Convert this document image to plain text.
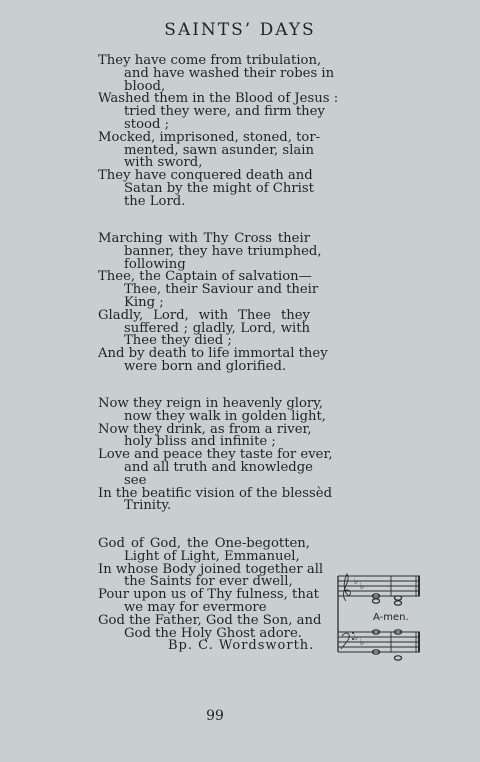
SAINTS’ DAYS
They have come from tribulation,
and have washed their robes in
blood,
Washed them in the Blood of Jesus :
tried they were, and firm they
stood ;
Mocked, imprisoned, stoned, tor-
mented, sawn asunder, slain
with sword,
They have conquered death and
Satan by the might of Christ
the Lord.
Marching with Thy Cross their
banner, they have triumphed,
following
Thee, the Captain of salvation—
Thee, their Saviour and their
King ;
Gladly, Lord, with Thee they
suffered ; gladly, Lord, with
Thee they died ;
And by death to life immortal they
were born and glorified.
Now they reign in heavenly glory,
now they walk in golden light,
Now they drink, as from a river,
holy bliss and infinite ;
Love and peace they taste for ever,
and all truth and knowledge
see
In the beatific vision of the blessèd
Trinity.
God of God, the One-begotten,
Light of Light, Emmanuel,
In whose Body joined together all
the Saints for ever dwell,
Pour upon us of Thy fulness, that
we may for evermore
God the Father, God the Son, and
God the Holy Ghost adore.
Bp. C. Wordsworth.
♭ ♭
♭ ♭
A-men.
99
